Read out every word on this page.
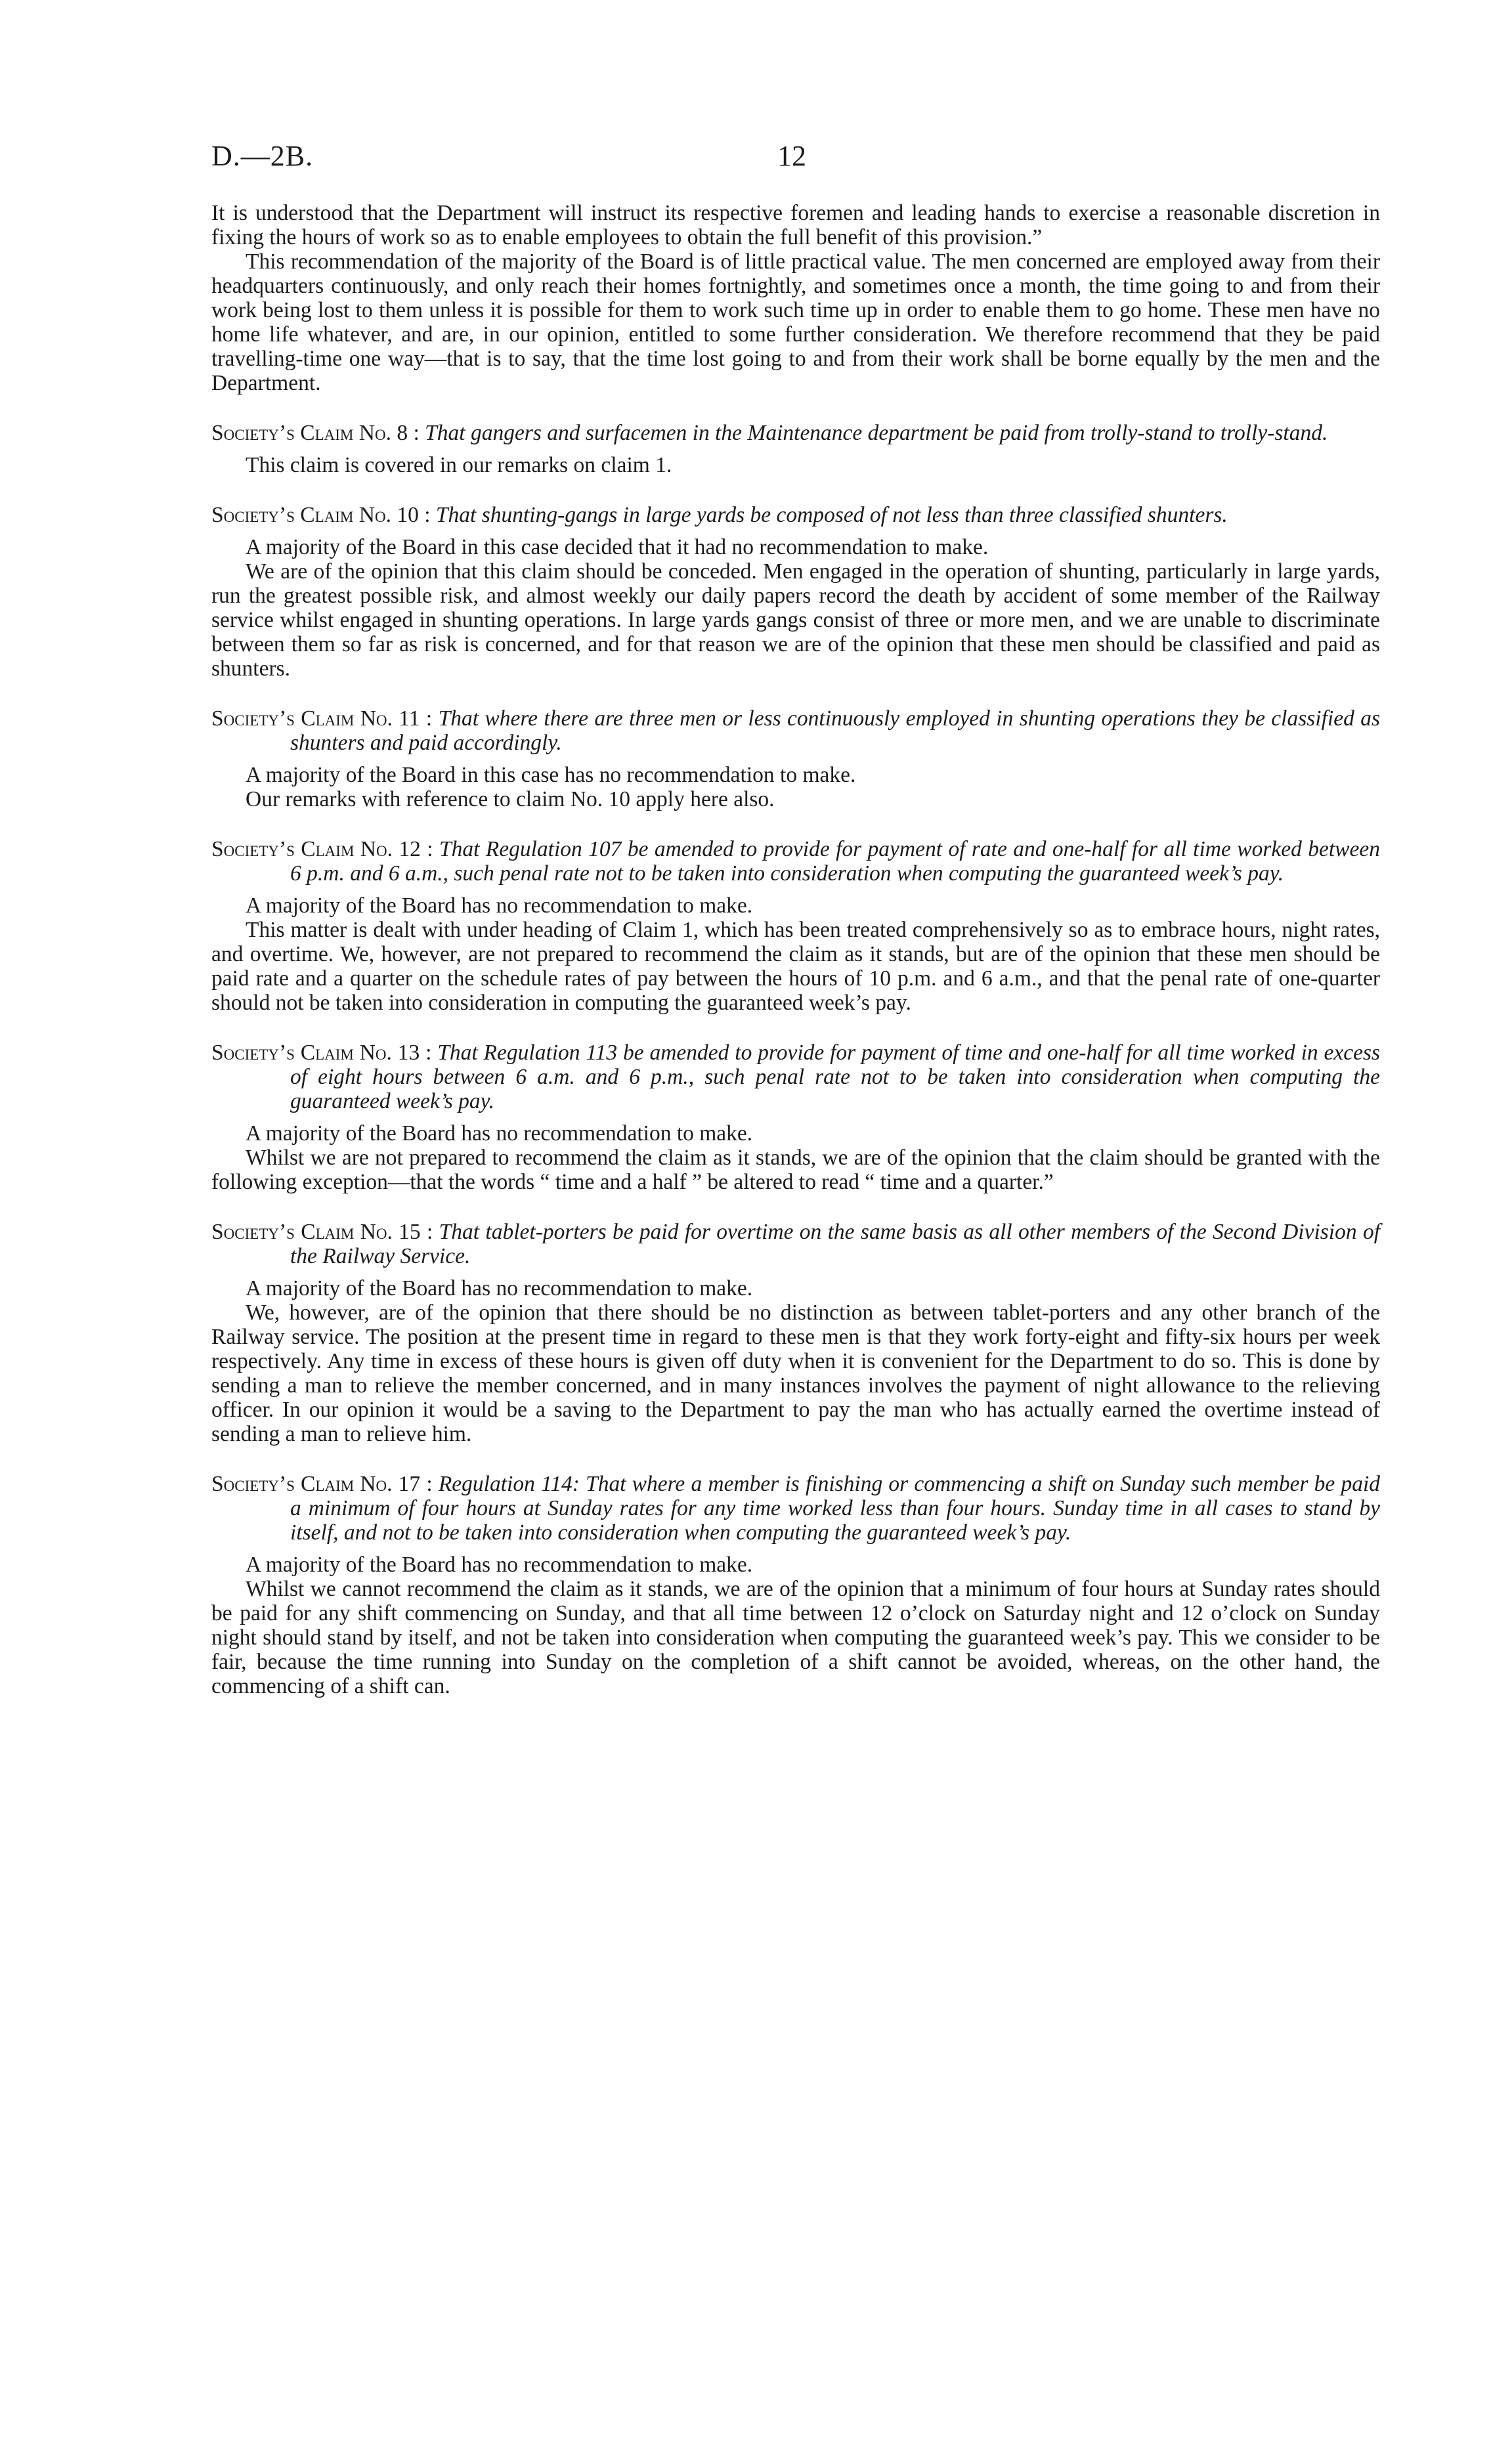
D.—2B.	12

It is understood that the Department will instruct its respective foremen and leading hands to exercise a reasonable discretion in fixing the hours of work so as to enable employees to obtain the full benefit of this provision.”

This recommendation of the majority of the Board is of little practical value. The men concerned are employed away from their headquarters continuously, and only reach their homes fortnightly, and sometimes once a month, the time going to and from their work being lost to them unless it is possible for them to work such time up in order to enable them to go home. These men have no home life whatever, and are, in our opinion, entitled to some further consideration. We therefore recommend that they be paid travelling-time one way—that is to say, that the time lost going to and from their work shall be borne equally by the men and the Department.

Society’s Claim No. 8 : That gangers and surfacemen in the Maintenance department be paid from trolly-stand to trolly-stand.

This claim is covered in our remarks on claim 1.

Society’s Claim No. 10 : That shunting-gangs in large yards be composed of not less than three classified shunters.

A majority of the Board in this case decided that it had no recommendation to make.

We are of the opinion that this claim should be conceded. Men engaged in the operation of shunting, particularly in large yards, run the greatest possible risk, and almost weekly our daily papers record the death by accident of some member of the Railway service whilst engaged in shunting operations. In large yards gangs consist of three or more men, and we are unable to discriminate between them so far as risk is concerned, and for that reason we are of the opinion that these men should be classified and paid as shunters.

Society’s Claim No. 11 : That where there are three men or less continuously employed in shunting operations they be classified as shunters and paid accordingly.

A majority of the Board in this case has no recommendation to make.

Our remarks with reference to claim No. 10 apply here also.

Society’s Claim No. 12 : That Regulation 107 be amended to provide for payment of rate and one-half for all time worked between 6 p.m. and 6 a.m., such penal rate not to be taken into consideration when computing the guaranteed week’s pay.

A majority of the Board has no recommendation to make.

This matter is dealt with under heading of Claim 1, which has been treated comprehensively so as to embrace hours, night rates, and overtime. We, however, are not prepared to recommend the claim as it stands, but are of the opinion that these men should be paid rate and a quarter on the schedule rates of pay between the hours of 10 p.m. and 6 a.m., and that the penal rate of one-quarter should not be taken into consideration in computing the guaranteed week’s pay.

Society’s Claim No. 13 : That Regulation 113 be amended to provide for payment of time and one-half for all time worked in excess of eight hours between 6 a.m. and 6 p.m., such penal rate not to be taken into consideration when computing the guaranteed week’s pay.

A majority of the Board has no recommendation to make.

Whilst we are not prepared to recommend the claim as it stands, we are of the opinion that the claim should be granted with the following exception—that the words “ time and a half ” be altered to read “ time and a quarter.”

Society’s Claim No. 15 : That tablet-porters be paid for overtime on the same basis as all other members of the Second Division of the Railway Service.

A majority of the Board has no recommendation to make.

We, however, are of the opinion that there should be no distinction as between tablet-porters and any other branch of the Railway service. The position at the present time in regard to these men is that they work forty-eight and fifty-six hours per week respectively. Any time in excess of these hours is given off duty when it is convenient for the Department to do so. This is done by sending a man to relieve the member concerned, and in many instances involves the payment of night allowance to the relieving officer. In our opinion it would be a saving to the Department to pay the man who has actually earned the overtime instead of sending a man to relieve him.

Society’s Claim No. 17 : Regulation 114: That where a member is finishing or commencing a shift on Sunday such member be paid a minimum of four hours at Sunday rates for any time worked less than four hours. Sunday time in all cases to stand by itself, and not to be taken into consideration when computing the guaranteed week’s pay.

A majority of the Board has no recommendation to make.

Whilst we cannot recommend the claim as it stands, we are of the opinion that a minimum of four hours at Sunday rates should be paid for any shift commencing on Sunday, and that all time between 12 o’clock on Saturday night and 12 o’clock on Sunday night should stand by itself, and not be taken into consideration when computing the guaranteed week’s pay. This we consider to be fair, because the time running into Sunday on the completion of a shift cannot be avoided, whereas, on the other hand, the commencing of a shift can.
